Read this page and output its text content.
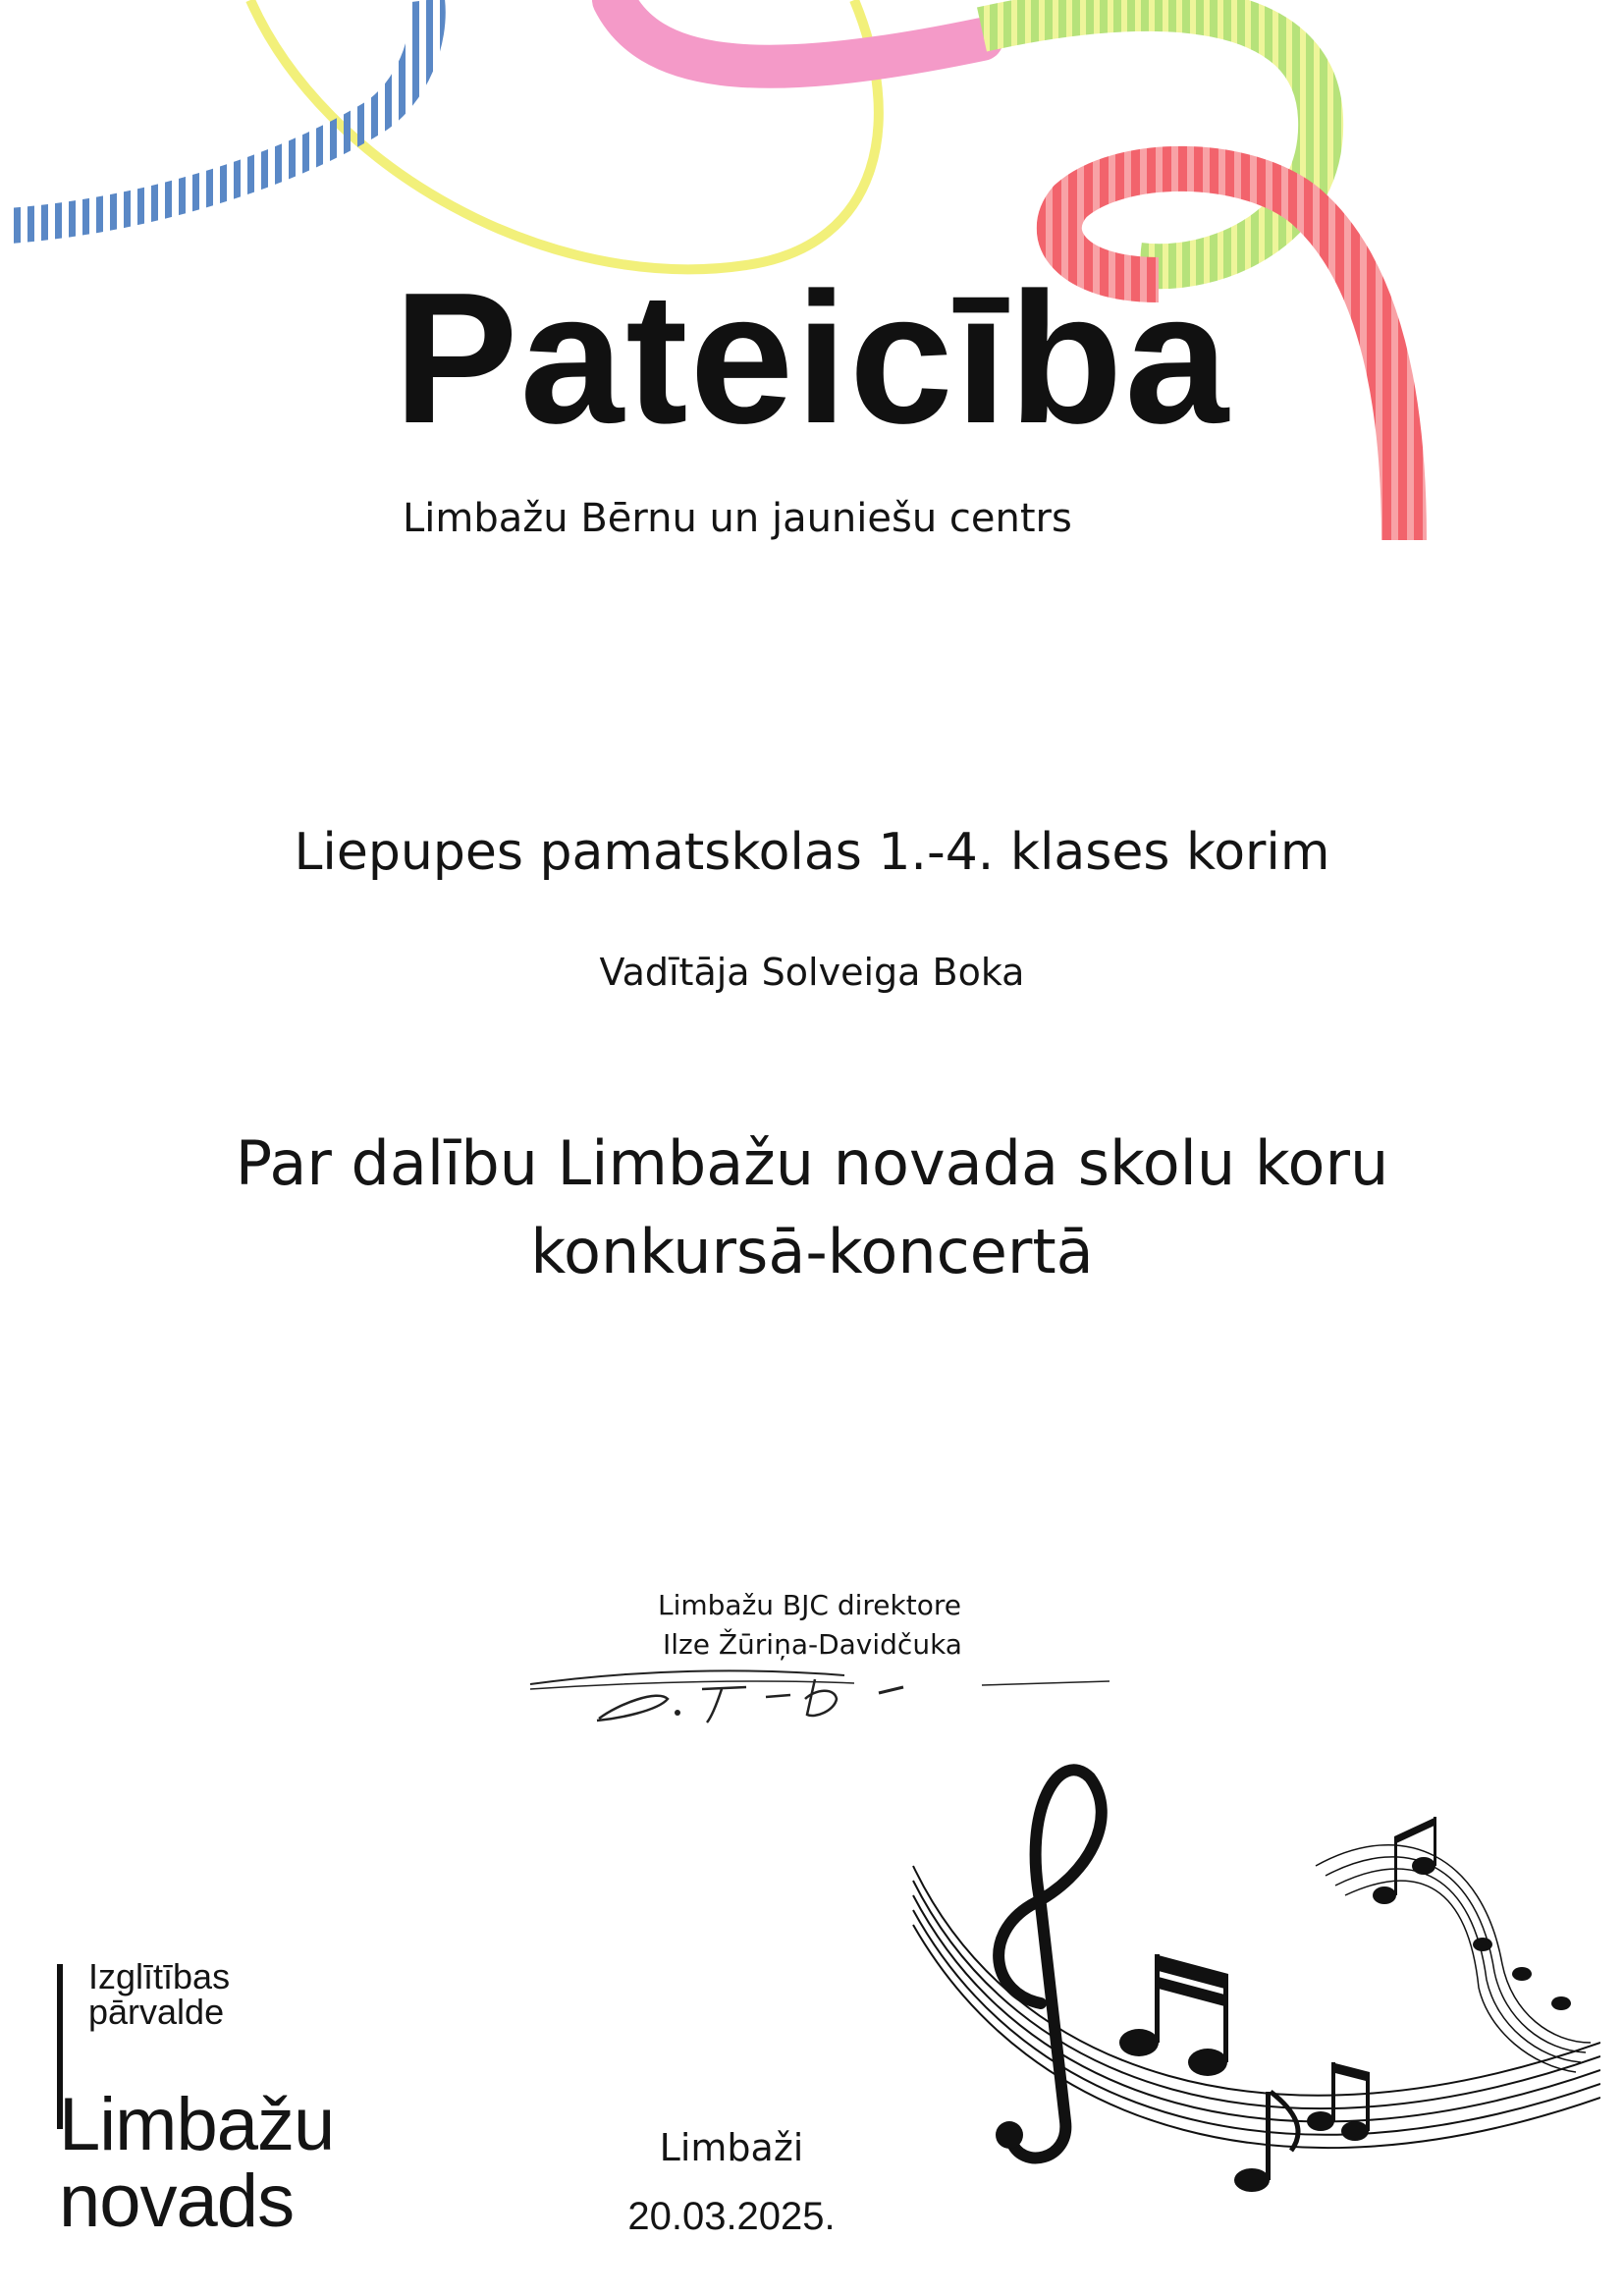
Pateicība
Limbažu Bērnu un jauniešu centrs
Liepupes pamatskolas 1.-4. klases korim
Vadītāja Solveiga Boka
Par dalību Limbažu novada skolu koru
konkursā-koncertā
Limbažu BJC direktore
Ilze Žūriņa-Davidčuka
Izglītības
pārvalde
Limbažu
novads
Limbaži
20.03.2025.
